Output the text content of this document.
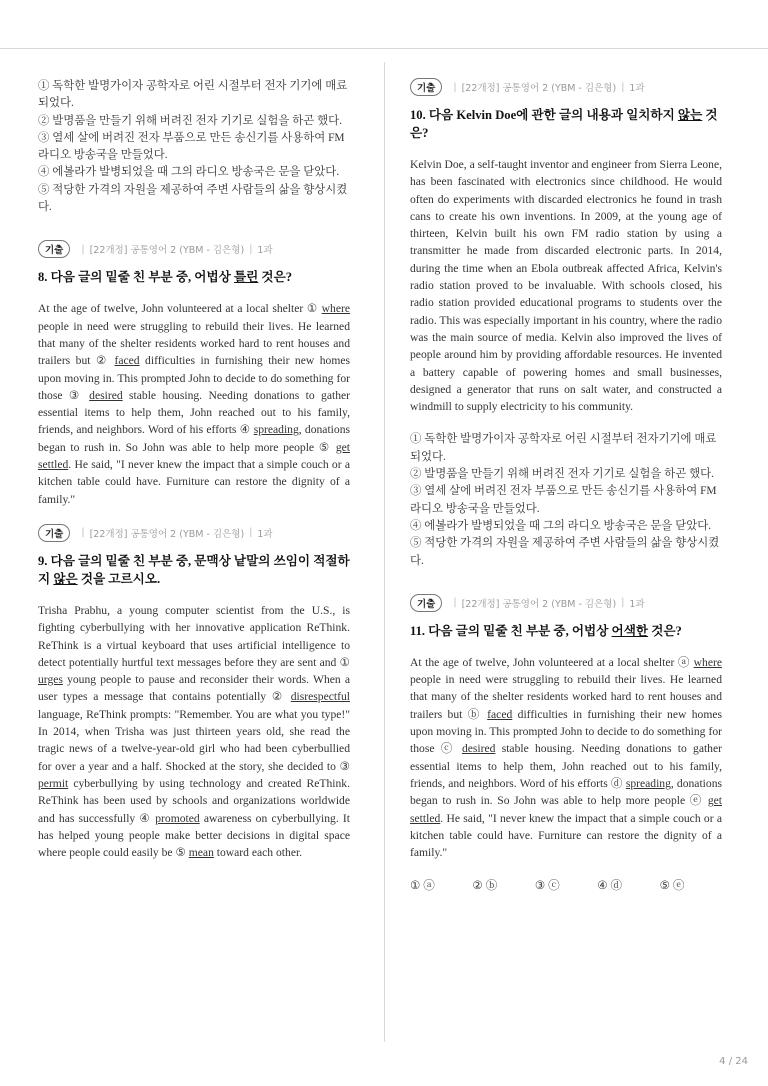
① 독학한 발명가이자 공학자로 어린 시절부터 전자 기기에 매료되었다.

② 발명품을 만들기 위해 버려진 전자 기기로 실험을 하곤 했다.

③ 열세 살에 버려진 전자 부품으로 만든 송신기를 사용하여 FM 라디오 방송국을 만들었다.

④ 에볼라가 발병되었을 때 그의 라디오 방송국은 문을 닫았다.

⑤ 적당한 가격의 자원을 제공하여 주변 사람들의 삶을 향상시켰다.

기출	| [22개정]
공통영어 2 (YBM - 김은형) | 1과
8. 다음 글의 밑줄 친 부분 중, 어법상 틀린 것은?
At the age of twelve, John volunteered at a local shelter ① where people in need were struggling to rebuild their lives. He learned that many of the shelter residents worked hard to rent houses and trailers but ② faced difficulties in furnishing their new homes upon moving in. This prompted John to decide to do something for those ③ desired stable housing. Needing donations to gather essential items to help them, John reached out to his family, friends, and neighbors. Word of his efforts ④ spreading, donations began to rush in. So John was able to help more people ⑤ get settled. He said, "I never knew the impact that a simple couch or a kitchen table could have. Furniture can restore the dignity of a family."
기출	| [22개정]
공통영어 2 (YBM - 김은형) | 1과
9. 다음 글의 밑줄 친 부분 중, 문맥상 낱말의 쓰임이 적절하지 않은 것을 고르시오.
Trisha Prabhu, a young computer scientist from the U.S., is fighting cyberbullying with her innovative application ReThink. ReThink is a virtual keyboard that uses artificial intelligence to detect potentially hurtful text messages before they are sent and ① urges young people to pause and reconsider their words. When a user types a message that contains potentially ② disrespectful language, ReThink prompts: "Remember. You are what you type!" In 2014, when Trisha was just thirteen years old, she read the tragic news of a twelve-year-old girl who had been cyberbullied for over a year and a half. Shocked at the story, she decided to ③ permit cyberbullying by using technology and created ReThink. ReThink has been used by schools and organizations worldwide and has successfully ④ promoted awareness on cyberbullying. It has helped young people make better decisions in digital space where people could easily be ⑤ mean toward each other.
기출	| [22개정]
공통영어 2 (YBM - 김은형) | 1과
10. 다음 Kelvin Doe에 관한 글의 내용과 일치하지 않는 것은?
Kelvin Doe, a self-taught inventor and engineer from Sierra Leone, has been fascinated with electronics since childhood. He would often do experiments with discarded electronics he found in trash cans to create his own inventions. In 2009, at the young age of thirteen, Kelvin built his own FM radio station by using a transmitter he made from discarded electronic parts. In 2014, during the time when an Ebola outbreak affected Africa, Kelvin's radio station proved to be invaluable. With schools closed, his radio station provided educational programs to students over the radio. This was especially important in his country, where the radio was the main source of media. Kelvin also improved the lives of people around him by providing affordable resources. He invented a battery capable of powering homes and small businesses, designed a generator that runs on salt water, and constructed a windmill to supply electricity to his community.

① 독학한 발명가이자 공학자로 어린 시절부터 전자기기에 매료되었다.

② 발명품을 만들기 위해 버려진 전자 기기로 실험을 하곤 했다.

③ 열세 살에 버려진 전자 부품으로 만든 송신기를 사용하여 FM 라디오 방송국을 만들었다.

④ 에볼라가 발병되었을 때 그의 라디오 방송국은 문을 닫았다.

⑤ 적당한 가격의 자원을 제공하여 주변 사람들의 삶을 향상시켰다.

기출	| [22개정]
공통영어 2 (YBM - 김은형) | 1과
11. 다음 글의 밑줄 친 부분 중, 어법상 어색한 것은?
At the age of twelve, John volunteered at a local shelter ⓐ where people in need were struggling to rebuild their lives. He learned that many of the shelter residents worked hard to rent houses and trailers but ⓑ faced difficulties in furnishing their new homes upon moving in. This prompted John to decide to do something for those ⓒ desired stable housing. Needing donations to gather essential items to help them, John reached out to his family, friends, and neighbors. Word of his efforts ⓓ spreading, donations began to rush in. So John was able to help more people ⓔ get settled. He said, "I never knew the impact that a simple couch or a kitchen table could have. Furniture can restore the dignity of a family."
① ⓐ	② ⓑ	③ ⓒ	④ ⓓ	⑤ ⓔ
4 / 24
